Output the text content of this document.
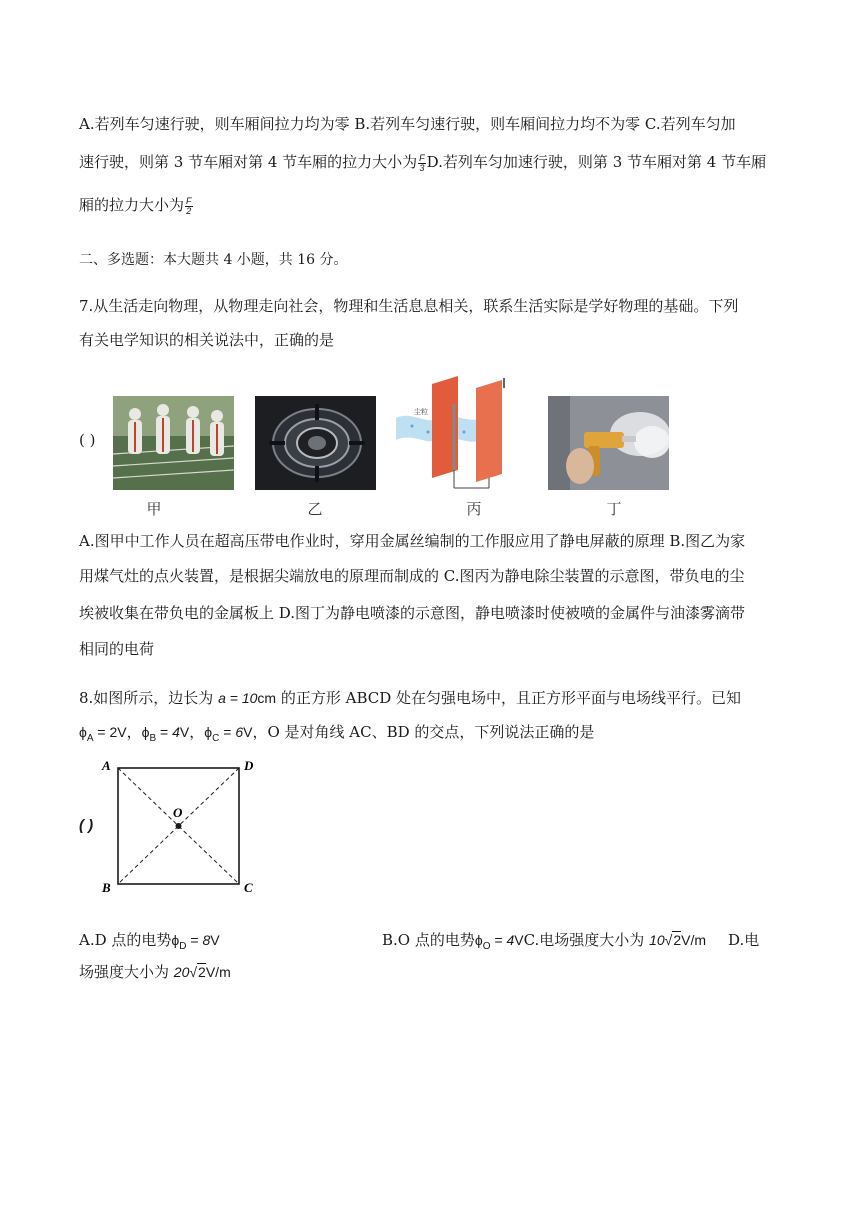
A.若列车匀速行驶，则车厢间拉力均为零 B.若列车匀速行驶，则车厢间拉力均不为零 C.若列车匀加
速行驶，则第 3 节车厢对第 4 节车厢的拉力大小为 $\frac{F}{3} D$.若列车匀加速行驶，则第 3 节车厢对第 4 节车厢
厢的拉力大小为 $\frac{F}{2}$
二、多选题：本大题共 4 小题，共 16 分。
7.从生活走向物理，从物理走向社会，物理和生活息息相关，联系生活实际是学好物理的基础。下列
有关电学知识的相关说法中，正确的是
( )
甲	乙
尘粒
丙	丁
A.图甲中工作人员在超高压带电作业时，穿用金属丝编制的工作服应用了静电屏蔽的原理 B.图乙为家
用煤气灶的点火装置，是根据尖端放电的原理而制成的 C.图丙为静电除尘装置的示意图，带负电的尘
埃被收集在带负电的金属板上 D.图丁为静电喷漆的示意图，静电喷漆时使被喷的金属件与油漆雾滴带
相同的电荷
8.如图所示，边长为 a = 10cm 的正方形 ABCD 处在匀强电场中，且正方形平面与电场线平行。已知
$\phi_A = 2V$，$\phi_B = 4V$，$\phi_C = 6V$，O 是对角线 AC、BD 的交点，下列说法正确的是
( )
A	D
B	C
O
A.D 点的电势$\phi_D = 8V$	B.O 点的电势$\phi_O = 4VC$.电场强度大小为 10√2V/m D.电
场强度大小为 20√2V/m
